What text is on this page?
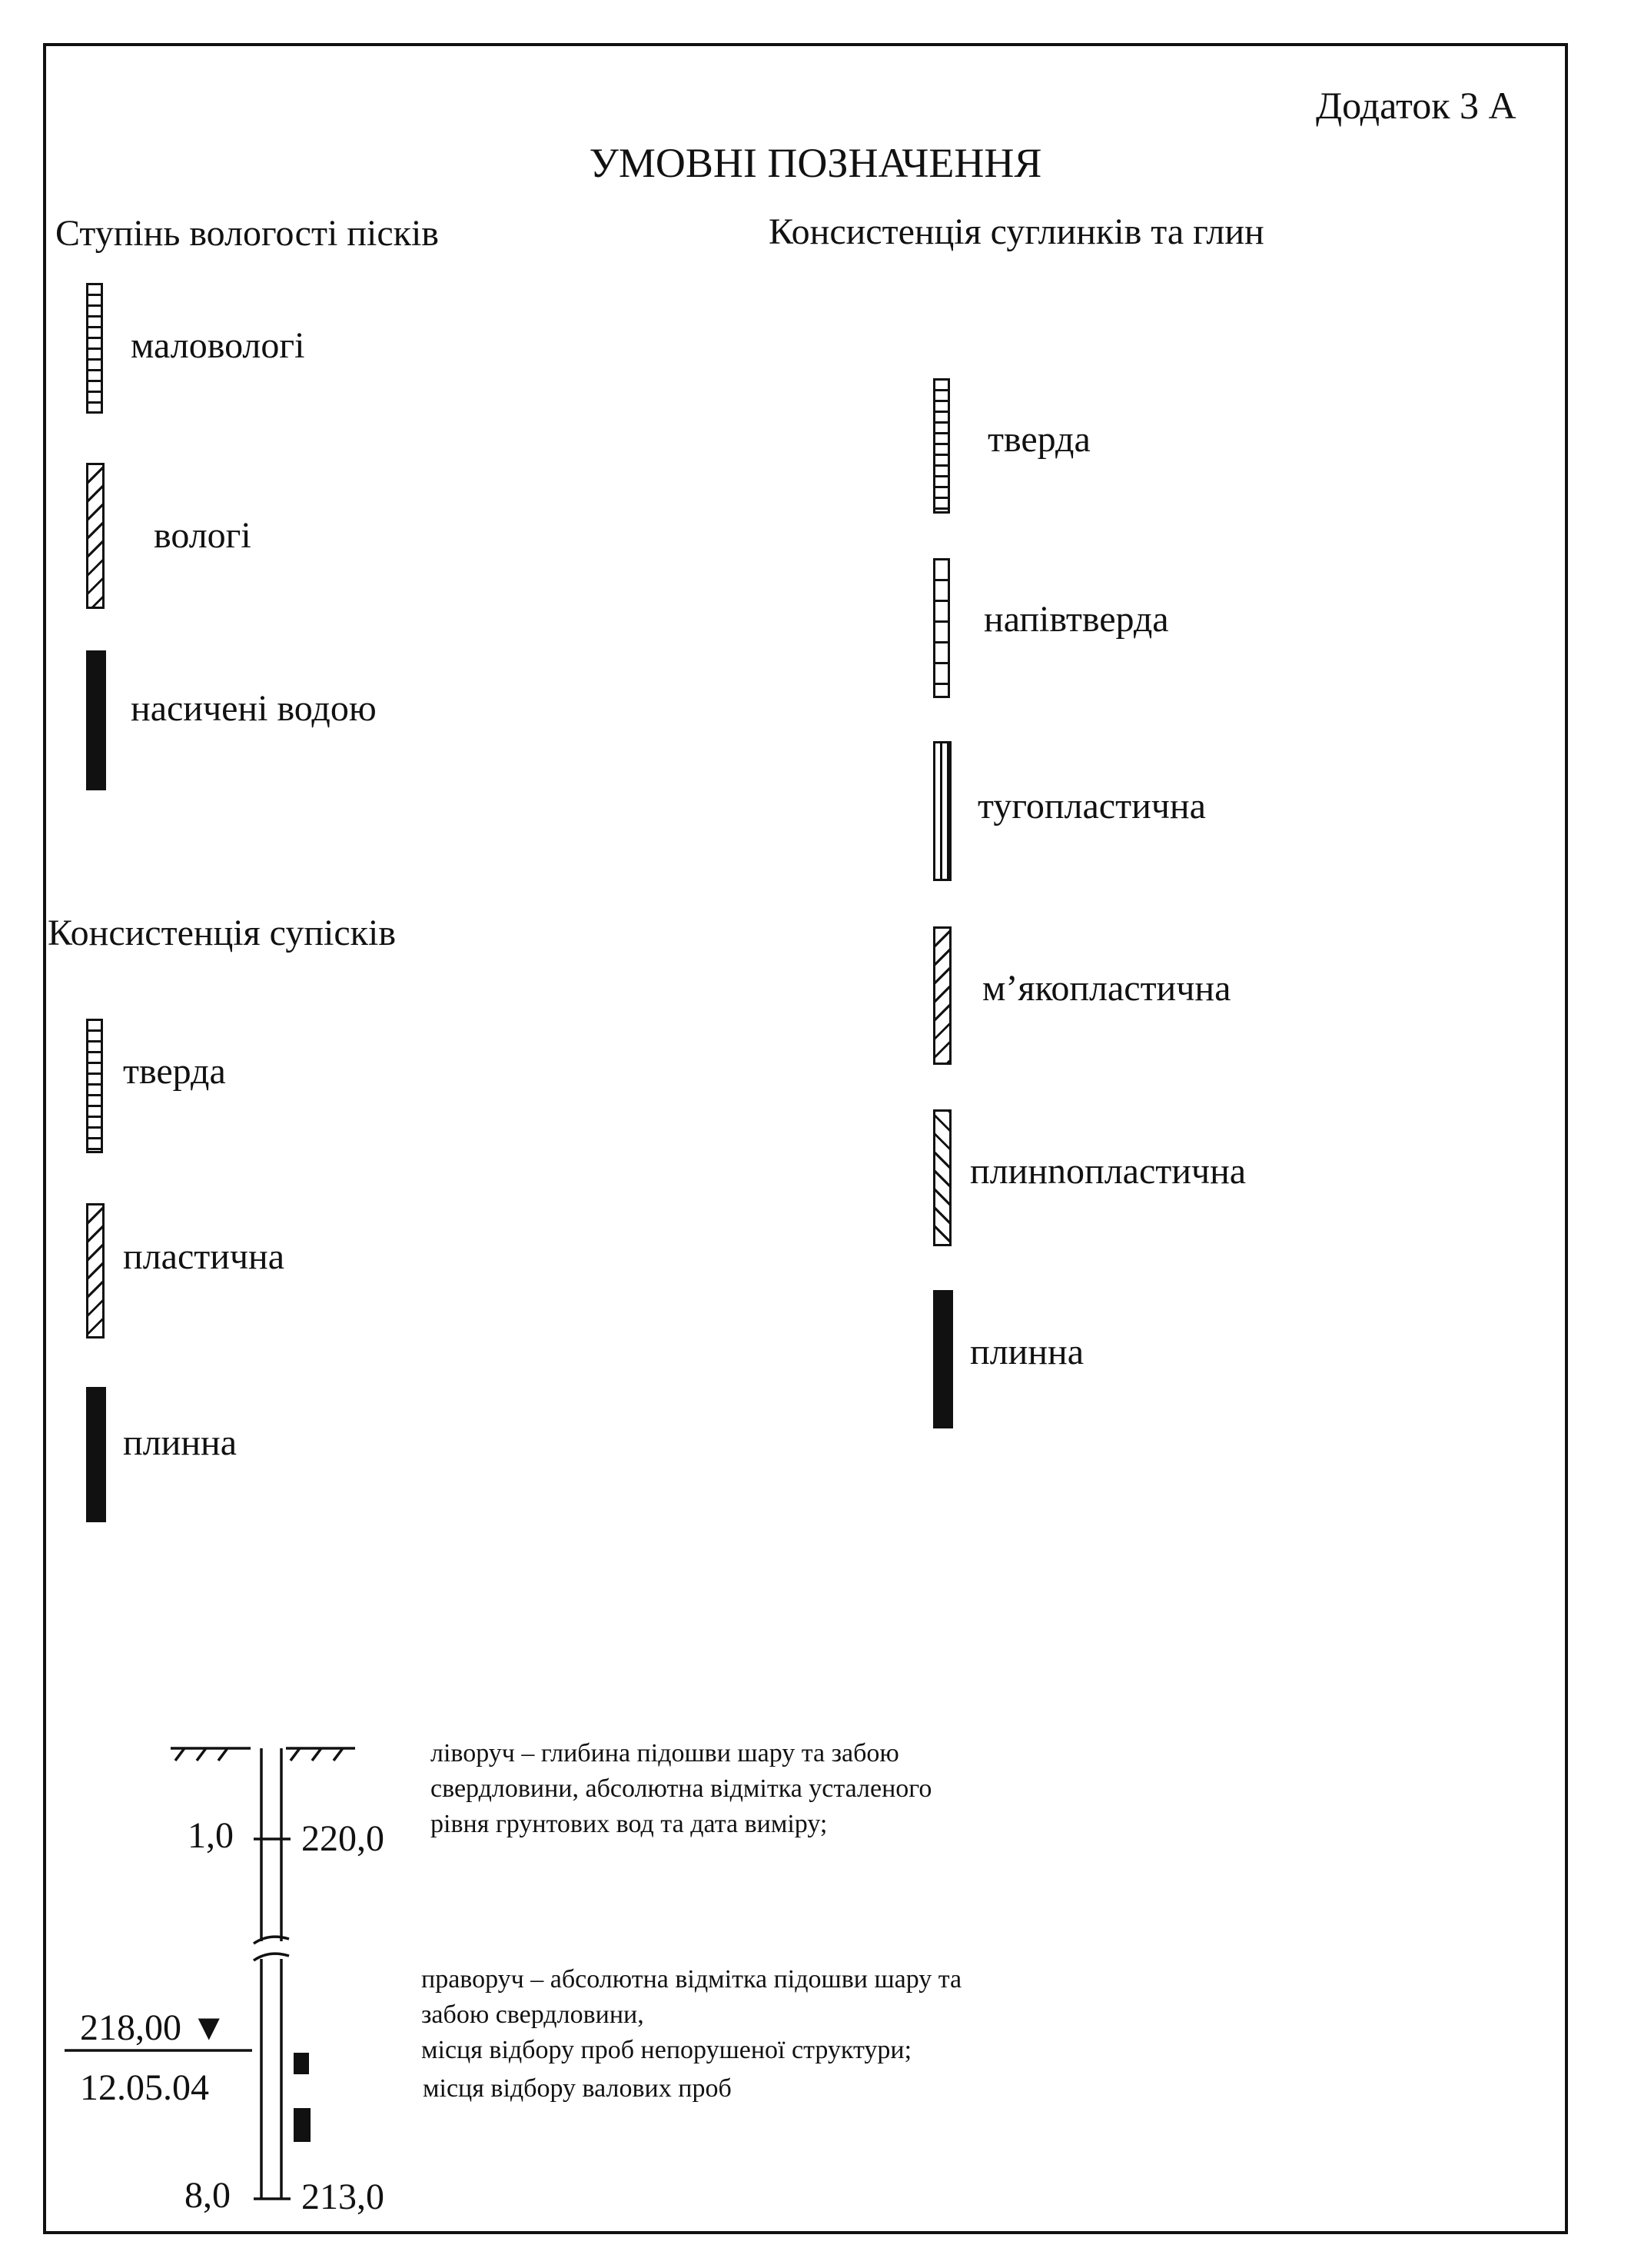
Додаток 3 А
УМОВНІ ПОЗНАЧЕННЯ
Ступінь вологості пісків
маловологі
вологі
насичені водою
Консистенція супісків
тверда
пластична
плинна
Консистенція суглинків та глин
тверда
напівтверда
тугопластична
м’якопластична
плинnопластична
плинна
1,0 220,0
218,00 ▼
12.05.04
8,0 213,0
ліворуч – глибина підошви шару та забою свердловини, абсолютна відмітка усталеного рівня грунтових вод та дата виміру;
праворуч – абсолютна відмітка підошви шару та забою свердловини,
місця відбору проб непорушеної структури;
місця відбору валових проб
